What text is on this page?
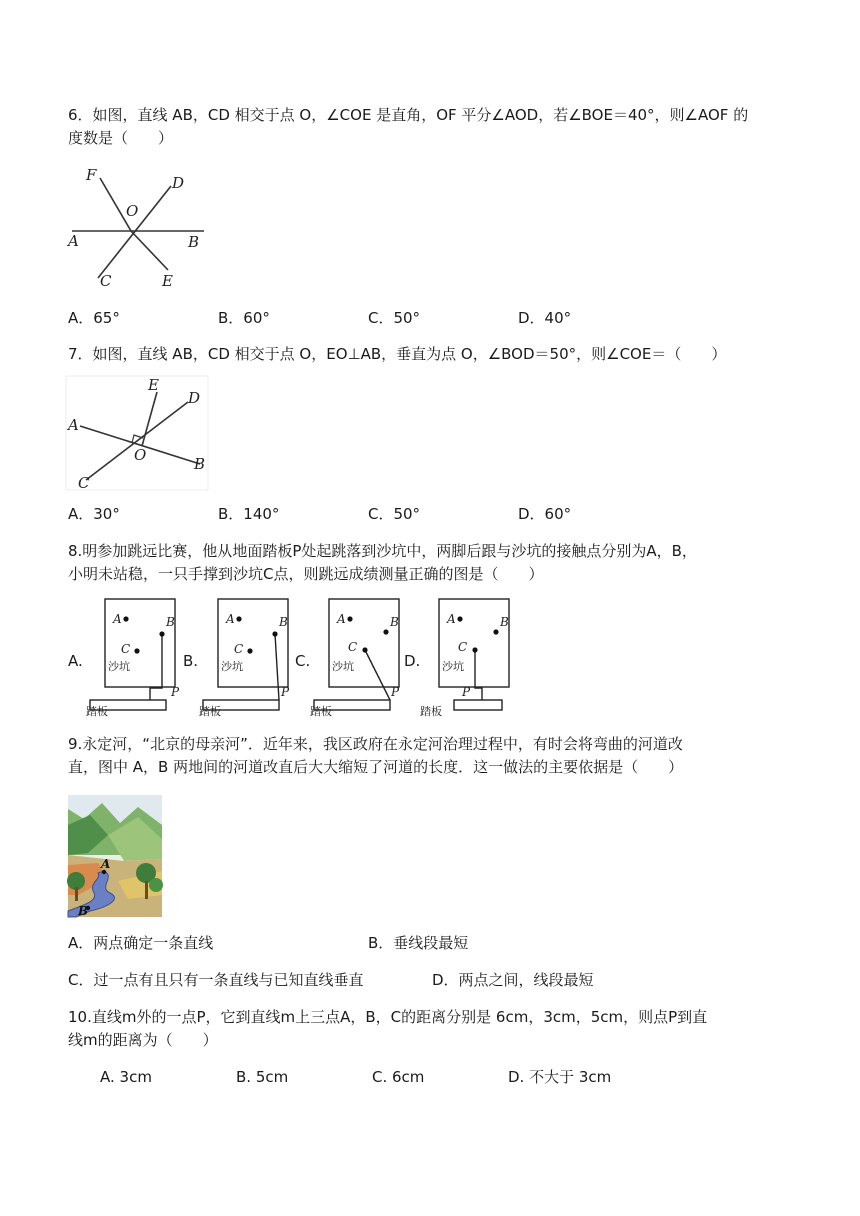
6．如图，直线 AB，CD 相交于点 O，∠COE 是直角，OF 平分∠AOD，若∠BOE＝40°，则∠AOF 的
度数是（　　）
F	D
O
A	B
C	E
A．65°	B．60°	C．50°	D．40°
7．如图，直线 AB，CD 相交于点 O，EO⊥AB，垂直为点 O，∠BOD＝50°，则∠COE＝（　　）
E
D
A
O	B
C
A．30°	B．140°	C．50°	D．60°
8.明参加跳远比赛，他从地面踏板P处起跳落到沙坑中，两脚后跟与沙坑的接触点分别为A，B，
小明未站稳，一只手撑到沙坑C点，则跳远成绩测量正确的图是（　　）
A.	B.	C.	D.
A	B
C
P
沙坑
踏板
A	B
C
P
沙坑
踏板
A	B
C
P
沙坑
踏板
A	B
C
P
沙坑
踏板
9.永定河，“北京的母亲河”．近年来，我区政府在永定河治理过程中，有时会将弯曲的河道改
直，图中 A，B 两地间的河道改直后大大缩短了河道的长度．这一做法的主要依据是（　　）
A
B
A．两点确定一条直线	B．垂线段最短
C．过一点有且只有一条直线与已知直线垂直	D．两点之间，线段最短
10.直线m外的一点P，它到直线m上三点A，B，C的距离分别是 6cm，3cm，5cm，则点P到直
线m的距离为（　　）
A. 3cm	B. 5cm	C. 6cm	D. 不大于 3cm
